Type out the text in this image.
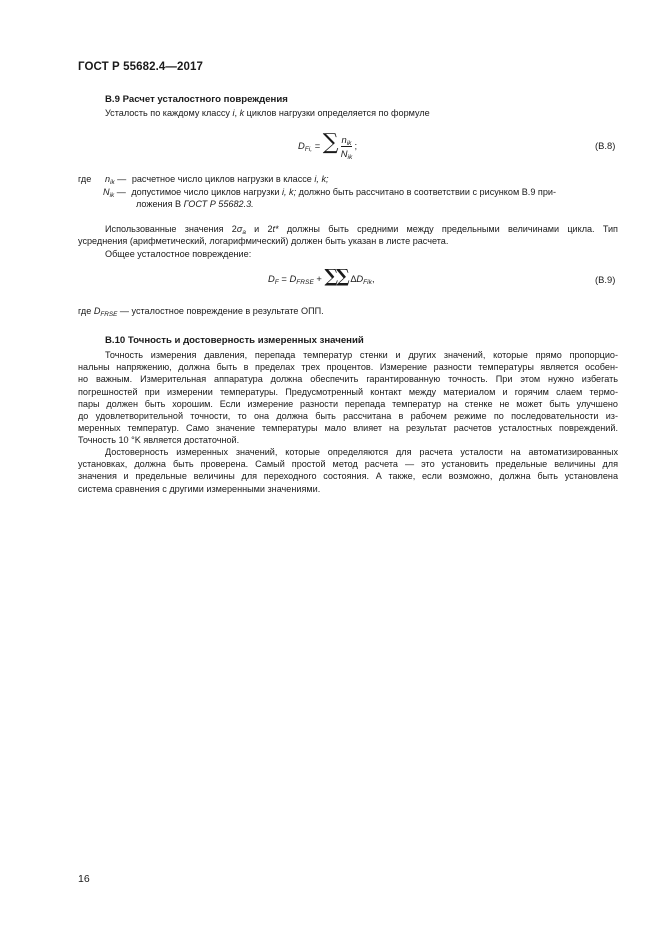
ГОСТ Р 55682.4—2017
B.9 Расчет усталостного повреждения
Усталость по каждому классу i, k циклов нагрузки определяется по формуле
$D_{Fi,}$ = ∑ $\frac{n_{ik}}{N_{ik}}$ ;	(B.8)
где $n_{ik}$ — расчетное число циклов нагрузки в классе i, k;
$N_{ik}$ — допустимое число циклов нагрузки i, k; должно быть рассчитано в соответствии с рисунком B.9 при-
ложения B ГОСТ Р 55682.3.
Использованные значения $2\sigma_a$ и 2t* должны быть средними между предельными величинами цикла. Тип
усреднения (арифметический, логарифмический) должен быть указан в листе расчета.
Общее усталостное повреждение:
$D_F = D_{FRSE}$ + ∑∑ $\Delta D_{Fik}$,	(B.9)
где $D_{FRSE}$ — усталостное повреждение в результате ОПП.
B.10 Точность и достоверность измеренных значений
Точность измерения давления, перепада температур стенки и других значений, которые прямо пропорцио-
нальны напряжению, должна быть в пределах трех процентов. Измерение разности температуры является особен-
но важным. Измерительная аппаратура должна обеспечить гарантированную точность. При этом нужно избегать
погрешностей при измерении температуры. Предусмотренный контакт между материалом и горячим слаем термо-
пары должен быть хорошим. Если измерение разности перепада температур на стенке не может быть улучшено
до удовлетворительной точности, то она должна быть рассчитана в рабочем режиме по последовательности из-
меренных температур. Само значение температуры мало влияет на результат расчетов усталостных повреждений.
Точность 10 °K является достаточной.
Достоверность измеренных значений, которые определяются для расчета усталости на автоматизированных
установках, должна быть проверена. Самый простой метод расчета — это установить предельные величины для
значения и предельные величины для переходного состояния. А также, если возможно, должна быть установлена
система сравнения с другими измеренными значениями.
16
